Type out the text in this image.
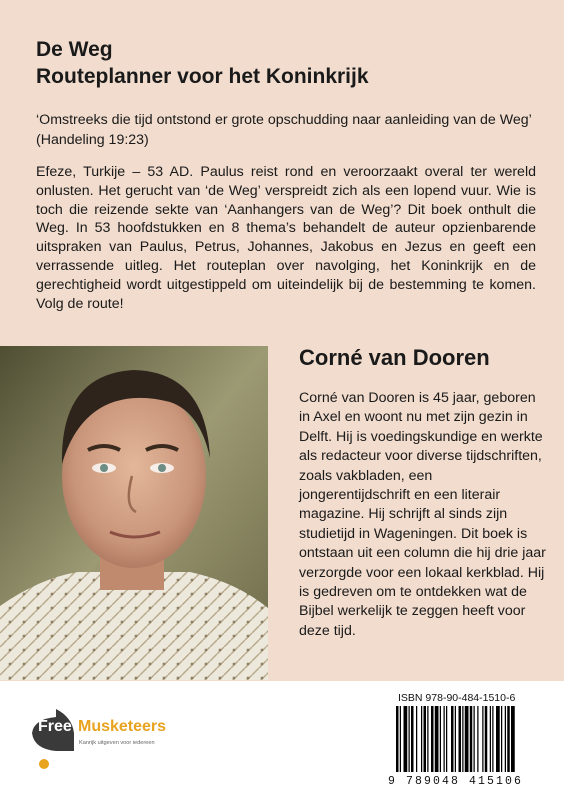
De Weg
Routeplanner voor het Koninkrijk

‘Omstreeks die tijd ontstond er grote opschudding naar aanleiding van de Weg’ (Handeling 19:23)

Efeze, Turkije – 53 AD. Paulus reist rond en veroorzaakt overal ter wereld onlusten. Het gerucht van ‘de Weg’ verspreidt zich als een lopend vuur. Wie is toch die reizende sekte van ‘Aanhangers van de Weg’? Dit boek onthult die Weg. In 53 hoofdstukken en 8 thema’s behandelt de auteur opzienbarende uitspraken van Paulus, Petrus, Johannes, Jakobus en Jezus en geeft een verrassende uitleg. Het routeplan over navolging, het Koninkrijk en de gerechtigheid wordt uitgestippeld om uiteindelijk bij de bestemming te komen. Volg de route!

Corné van Dooren

Corné van Dooren is 45 jaar, geboren in Axel en woont nu met zijn gezin in Delft. Hij is voedingskundige en werkte als redacteur voor diverse tijdschriften, zoals vakbladen, een jongerentijdschrift en een literair magazine. Hij schrijft al sinds zijn studietijd in Wageningen. Dit boek is ontstaan uit een column die hij drie jaar verzorgde voor een lokaal kerkblad. Hij is gedreven om te ontdekken wat de Bijbel werkelijk te zeggen heeft voor deze tijd.

Free Musketeers
Kanrijk uitgeven voor iedereen

ISBN 978-90-484-1510-6

9 789048 415106
